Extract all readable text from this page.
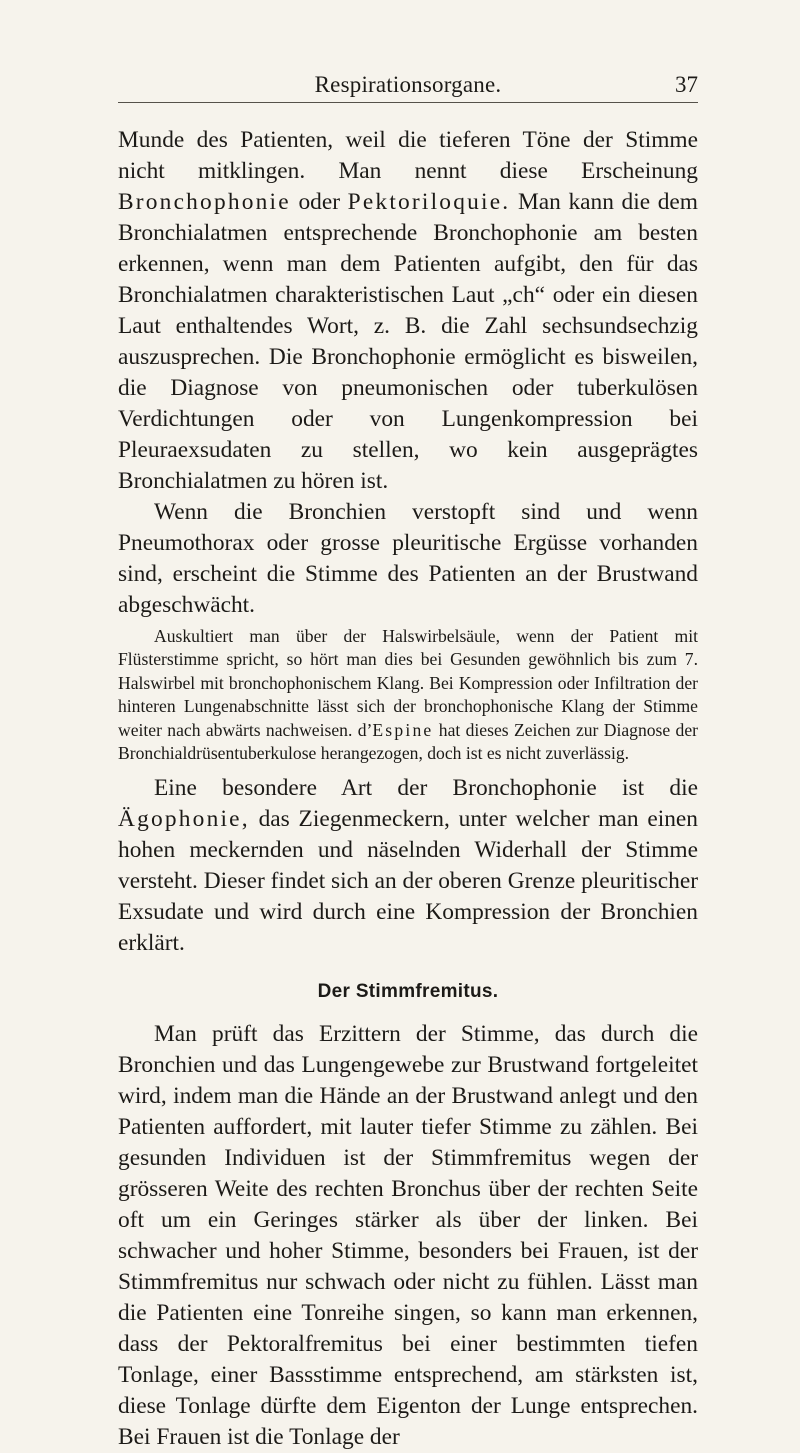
Respirationsorgane.	37

Munde des Patienten, weil die tieferen Töne der Stimme nicht mitklingen. Man nennt diese Erscheinung Bronchophonie oder Pektoriloquie. Man kann die dem Bronchialatmen entsprechende Bronchophonie am besten erkennen, wenn man dem Patienten aufgibt, den für das Bronchialatmen charakteristischen Laut „ch“ oder ein diesen Laut enthaltendes Wort, z. B. die Zahl sechsundsechzig auszusprechen. Die Bronchophonie ermöglicht es bisweilen, die Diagnose von pneumonischen oder tuberkulösen Verdichtungen oder von Lungenkompression bei Pleuraexsudaten zu stellen, wo kein ausgeprägtes Bronchialatmen zu hören ist.

Wenn die Bronchien verstopft sind und wenn Pneumothorax oder grosse pleuritische Ergüsse vorhanden sind, erscheint die Stimme des Patienten an der Brustwand abgeschwächt.

Auskultiert man über der Halswirbelsäule, wenn der Patient mit Flüsterstimme spricht, so hört man dies bei Gesunden gewöhnlich bis zum 7. Halswirbel mit bronchophonischem Klang. Bei Kompression oder Infiltration der hinteren Lungenabschnitte lässt sich der bronchophonische Klang der Stimme weiter nach abwärts nachweisen. d’Espine hat dieses Zeichen zur Diagnose der Bronchialdrüsentuberkulose herangezogen, doch ist es nicht zuverlässig.

Eine besondere Art der Bronchophonie ist die Ägophonie, das Ziegenmeckern, unter welcher man einen hohen meckernden und näselnden Widerhall der Stimme versteht. Dieser findet sich an der oberen Grenze pleuritischer Exsudate und wird durch eine Kompression der Bronchien erklärt.

Der Stimmfremitus.

Man prüft das Erzittern der Stimme, das durch die Bronchien und das Lungengewebe zur Brustwand fortgeleitet wird, indem man die Hände an der Brustwand anlegt und den Patienten auffordert, mit lauter tiefer Stimme zu zählen. Bei gesunden Individuen ist der Stimmfremitus wegen der grösseren Weite des rechten Bronchus über der rechten Seite oft um ein Geringes stärker als über der linken. Bei schwacher und hoher Stimme, besonders bei Frauen, ist der Stimmfremitus nur schwach oder nicht zu fühlen. Lässt man die Patienten eine Tonreihe singen, so kann man erkennen, dass der Pektoralfremitus bei einer bestimmten tiefen Tonlage, einer Bassstimme entsprechend, am stärksten ist, diese Tonlage dürfte dem Eigenton der Lunge entsprechen. Bei Frauen ist die Tonlage der
